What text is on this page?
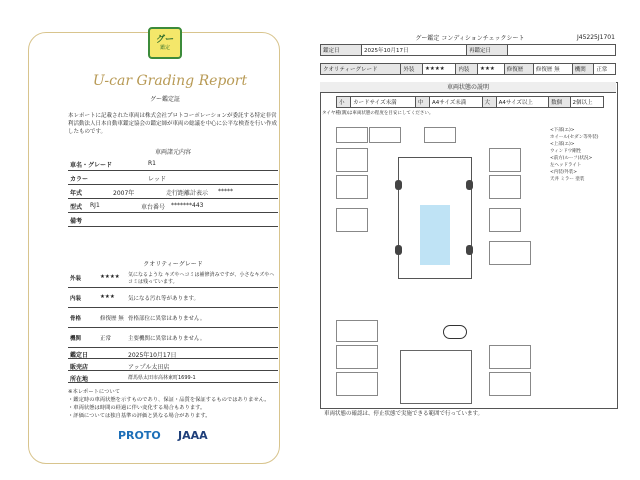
グー
鑑定
U-car Grading Report
グー鑑定証
本レポートに記載された車両は株式会社プロトコーポレーションが委託する特定非営利活動法人日本自動車鑑定協会の鑑定師が車両の総議を中心に公平な検査を行い作成したものです。
車両諸元内容
車名・グレード	R1
カラー	レッド
年式	2007年	走行距離計表示 *****
型式 RJ1	車台番号 *******443
備考
クオリティーグレード
外装	★★★★ 気になるような キズやヘコミは補修済みですが、小さなキズやヘコミは残っています。
内装	★★★ 気になる汚れ等があります。
骨格	修復歴 無 骨格部位に異常はありません。
機関	正常	主要機関に異常はありません。
鑑定日	2025年10月17日
販売店	アップル太田店
所在地	群馬県太田市高林東町1699-1
※本レポートについて
・鑑定時の車両状態を示すものであり、保証・品質を保証するものではありません。
・車両状態は時間の経過に伴い変化する場合もあります。
・評価については独自基準の評価と異なる場合があります。
PROTO JAAA
グー鑑定 コンディションチェックシート	J45225J1701
鑑定日	2025年10月17日	再鑑定日	
クオリティーグレード	外装	★★★★	内装	★★★	修復歴	修復歴 無	機関	正常
車両状態の説明
小	カードサイズ未満	中	A4サイズ未満	大	A4サイズ以上	数個	2個以上
タイヤ種(溝)は車両状態の程度を目安にしてください。
<下部(エ)>
ホイール(セダン等外装)
<上部(エ)>
ウィンドウ剛性
<前方(ルーフ)状況>
左ヘッドライト
<内装/外装>
天井 ミラー 塗装
車両状態の確認は、停止状態で実施できる範囲で行っています。
